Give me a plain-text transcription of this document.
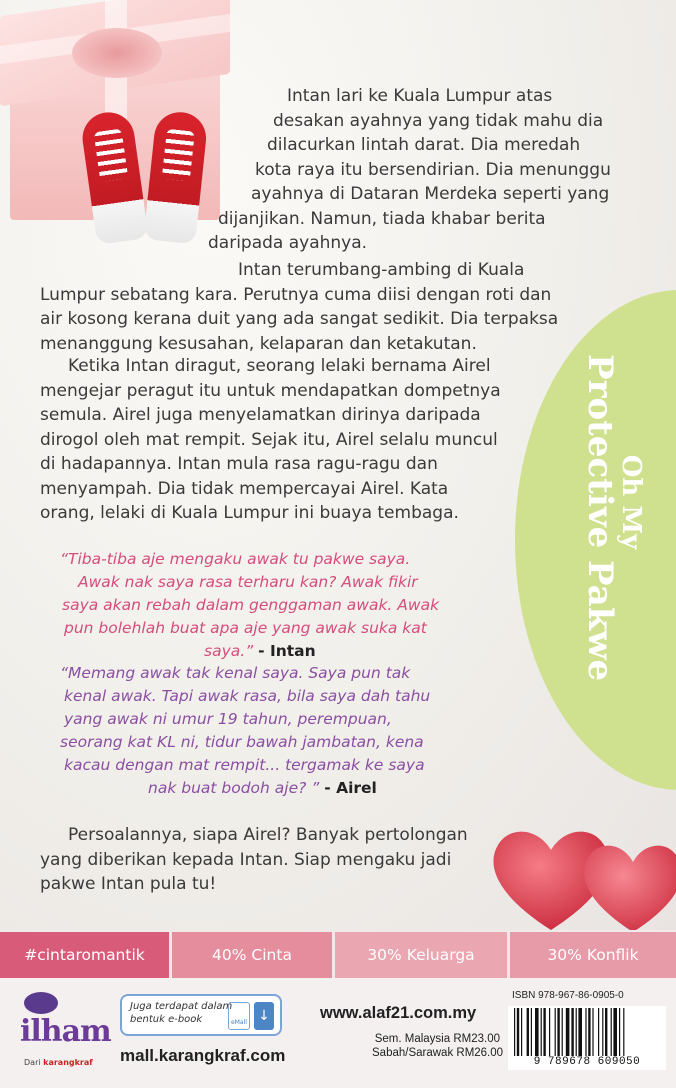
Oh My
Protective Pakwe
Intan lari ke Kuala Lumpur atas
desakan ayahnya yang tidak mahu dia
dilacurkan lintah darat. Dia meredah
kota raya itu bersendirian. Dia menunggu
ayahnya di Dataran Merdeka seperti yang
dijanjikan. Namun, tiada khabar berita
daripada ayahnya.
Intan terumbang-ambing di Kuala
Lumpur sebatang kara. Perutnya cuma diisi dengan roti dan
air kosong kerana duit yang ada sangat sedikit. Dia terpaksa
menanggung kesusahan, kelaparan dan ketakutan.
Ketika Intan diragut, seorang lelaki bernama Airel
mengejar peragut itu untuk mendapatkan dompetnya
semula. Airel juga menyelamatkan dirinya daripada
dirogol oleh mat rempit. Sejak itu, Airel selalu muncul
di hadapannya. Intan mula rasa ragu-ragu dan
menyampah. Dia tidak mempercayai Airel. Kata
orang, lelaki di Kuala Lumpur ini buaya tembaga.
“Tiba-tiba aje mengaku awak tu pakwe saya.
Awak nak saya rasa terharu kan? Awak fikir
saya akan rebah dalam genggaman awak. Awak
pun bolehlah buat apa aje yang awak suka kat
saya.” - Intan
“Memang awak tak kenal saya. Saya pun tak
kenal awak. Tapi awak rasa, bila saya dah tahu
yang awak ni umur 19 tahun, perempuan,
seorang kat KL ni, tidur bawah jambatan, kena
kacau dengan mat rempit... tergamak ke saya
nak buat bodoh aje? ” - Airel
Persoalannya, siapa Airel? Banyak pertolongan
yang diberikan kepada Intan. Siap mengaku jadi
pakwe Intan pula tu!
#cintaromantik	40% Cinta	30% Keluarga	30% Konflik
ilham
Dari karangkraf
Juga terdapat dalam
bentuk e-book	eMall ↓
mall.karangkraf.com
www.alaf21.com.my
Sem. Malaysia RM23.00
Sabah/Sarawak RM26.00
ISBN 978-967-86-0905-0
9 789678 609050
